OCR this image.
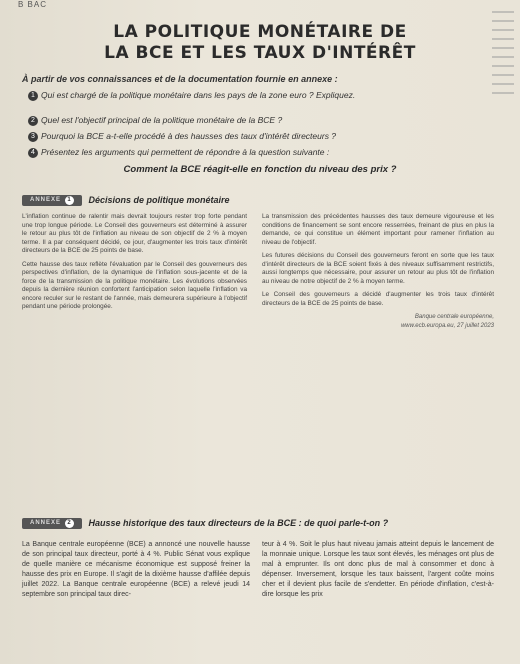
B BAC
LA POLITIQUE MONÉTAIRE DE
LA BCE ET LES TAUX D'INTÉRÊT
À partir de vos connaissances et de la documentation fournie en annexe :
1 Qui est chargé de la politique monétaire dans les pays de la zone euro ? Expliquez.
2 Quel est l'objectif principal de la politique monétaire de la BCE ?
3 Pourquoi la BCE a-t-elle procédé à des hausses des taux d'intérêt directeurs ?
4 Présentez les arguments qui permettent de répondre à la question suivante :
Comment la BCE réagit-elle en fonction du niveau des prix ?
ANNEXE 1 Décisions de politique monétaire

L'inflation continue de ralentir mais devrait toujours rester trop forte pendant une trop longue période. Le Conseil des gouverneurs est déterminé à assurer le retour au plus tôt de l'inflation au niveau de son objectif de 2 % à moyen terme. Il a par conséquent décidé, ce jour, d'augmenter les trois taux d'intérêt directeurs de la BCE de 25 points de base.

Cette hausse des taux reflète l'évaluation par le Conseil des gouverneurs des perspectives d'inflation, de la dynamique de l'inflation sous-jacente et de la force de la transmission de la politique monétaire. Les évolutions observées depuis la dernière réunion confortent l'anticipation selon laquelle l'inflation va encore reculer sur le restant de l'année, mais demeurera supérieure à l'objectif pendant une période prolongée.

La transmission des précédentes hausses des taux demeure vigoureuse et les conditions de financement se sont encore resserrées, freinant de plus en plus la demande, ce qui constitue un élément important pour ramener l'inflation au niveau de l'objectif.

Les futures décisions du Conseil des gouverneurs feront en sorte que les taux d'intérêt directeurs de la BCE soient fixés à des niveaux suffisamment restrictifs, aussi longtemps que nécessaire, pour assurer un retour au plus tôt de l'inflation au niveau de notre objectif de 2 % à moyen terme.

Le Conseil des gouverneurs a décidé d'augmenter les trois taux d'intérêt directeurs de la BCE de 25 points de base.

Banque centrale européenne,
www.ecb.europa.eu, 27 juillet 2023
ANNEXE 2 Hausse historique des taux directeurs de la BCE : de quoi parle-t-on ?

La Banque centrale européenne (BCE) a annoncé une nouvelle hausse de son principal taux directeur, porté à 4 %. Public Sénat vous explique de quelle manière ce mécanisme économique est supposé freiner la hausse des prix en Europe. Il s'agit de la dixième hausse d'affilée depuis juillet 2022. La Banque centrale européenne (BCE) a relevé jeudi 14 septembre son principal taux direc-

teur à 4 %. Soit le plus haut niveau jamais atteint depuis le lancement de la monnaie unique. Lorsque les taux sont élevés, les ménages ont plus de mal à emprunter. Ils ont donc plus de mal à consommer et donc à dépenser. Inversement, lorsque les taux baissent, l'argent coûte moins cher et il devient plus facile de s'endetter. En période d'inflation, c'est-à-dire lorsque les prix
